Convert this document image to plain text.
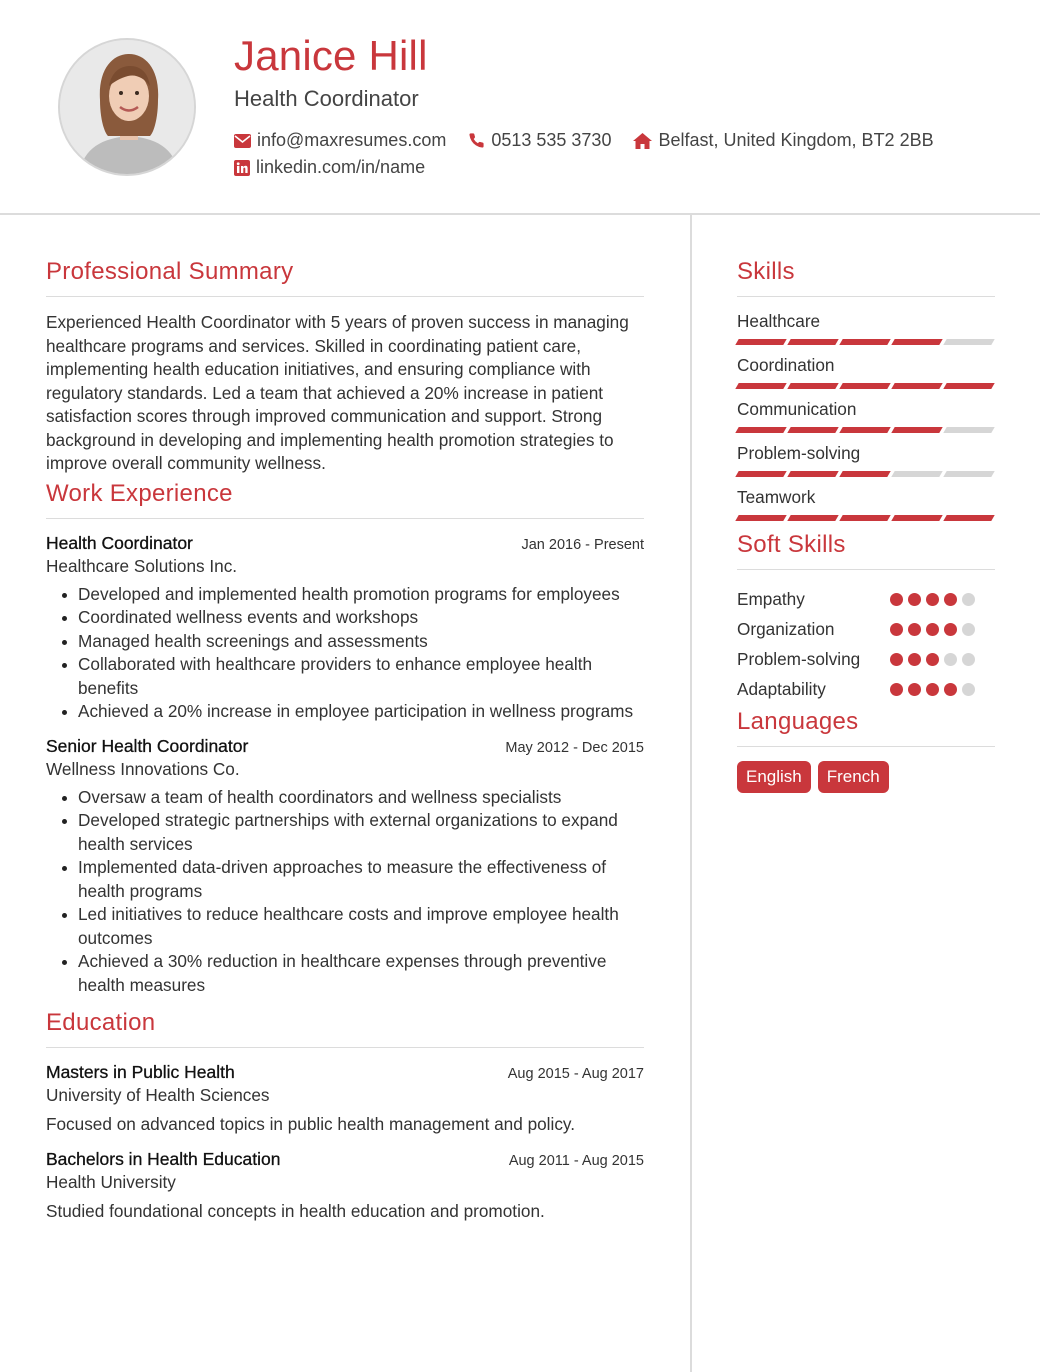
Janice Hill
Health Coordinator
info@maxresumes.com	0513 535 3730	Belfast, United Kingdom, BT2 2BB
linkedin.com/in/name
Professional Summary

Experienced Health Coordinator with 5 years of proven success in managing healthcare programs and services. Skilled in coordinating patient care, implementing health education initiatives, and ensuring compliance with regulatory standards. Led a team that achieved a 20% increase in patient satisfaction scores through improved communication and support. Strong background in developing and implementing health promotion strategies to improve overall community wellness.

Work Experience
Health Coordinator	Jan 2016 - Present
Healthcare Solutions Inc.
Developed and implemented health promotion programs for employees
Coordinated wellness events and workshops
Managed health screenings and assessments
Collaborated with healthcare providers to enhance employee health benefits
Achieved a 20% increase in employee participation in wellness programs
Senior Health Coordinator	May 2012 - Dec 2015
Wellness Innovations Co.
Oversaw a team of health coordinators and wellness specialists
Developed strategic partnerships with external organizations to expand health services
Implemented data-driven approaches to measure the effectiveness of health programs
Led initiatives to reduce healthcare costs and improve employee health outcomes
Achieved a 30% reduction in healthcare expenses through preventive health measures
Education
Masters in Public Health	Aug 2015 - Aug 2017
University of Health Sciences
Focused on advanced topics in public health management and policy.
Bachelors in Health Education	Aug 2011 - Aug 2015
Health University
Studied foundational concepts in health education and promotion.
Skills
Healthcare
Coordination
Communication
Problem-solving
Teamwork
Soft Skills
Empathy
Organization
Problem-solving
Adaptability
Languages
English	French
